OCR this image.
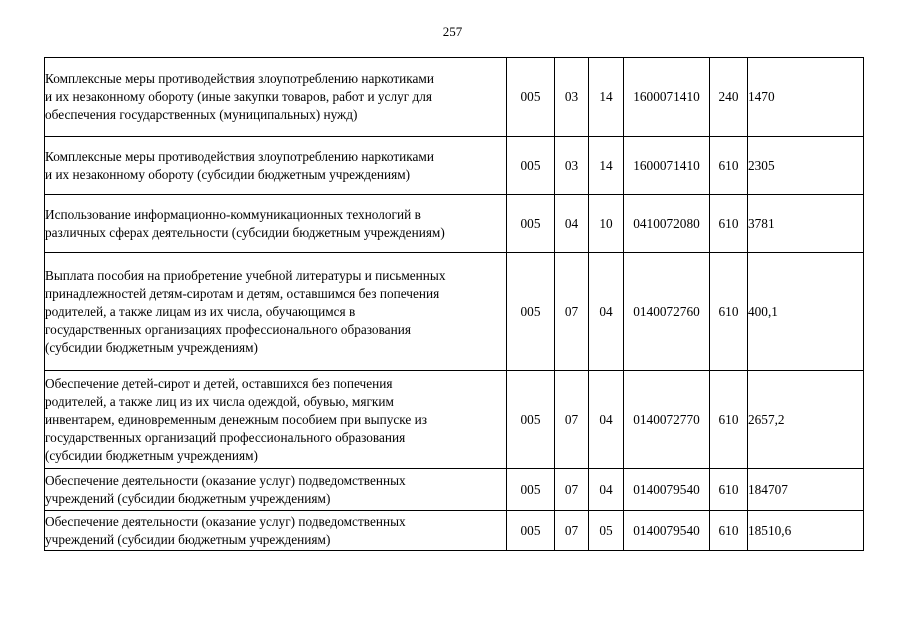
257
Комплексные меры противодействия злоупотреблению наркотиками
и их незаконному обороту (иные закупки товаров, работ и услуг для
обеспечения государственных (муниципальных) нужд)	005	03	14	1600071410	240	1470
Комплексные меры противодействия злоупотреблению наркотиками
и их незаконному обороту (субсидии бюджетным учреждениям)	005	03	14	1600071410	610	2305
Использование информационно-коммуникационных технологий в
различных сферах деятельности (субсидии бюджетным учреждениям)	005	04	10	0410072080	610	3781
Выплата пособия на приобретение учебной литературы и письменных
принадлежностей детям-сиротам и детям, оставшимся без попечения
родителей, а также лицам из их числа, обучающимся в
государственных организациях профессионального образования
(субсидии бюджетным учреждениям)	005	07	04	0140072760	610	400,1
Обеспечение детей-сирот и детей, оставшихся без попечения
родителей, а также лиц из их числа одеждой, обувью, мягким
инвентарем, единовременным денежным пособием при выпуске из
государственных организаций профессионального образования
(субсидии бюджетным учреждениям)	005	07	04	0140072770	610	2657,2
Обеспечение деятельности (оказание услуг) подведомственных
учреждений (субсидии бюджетным учреждениям)	005	07	04	0140079540	610	184707
Обеспечение деятельности (оказание услуг) подведомственных
учреждений (субсидии бюджетным учреждениям)	005	07	05	0140079540	610	18510,6
